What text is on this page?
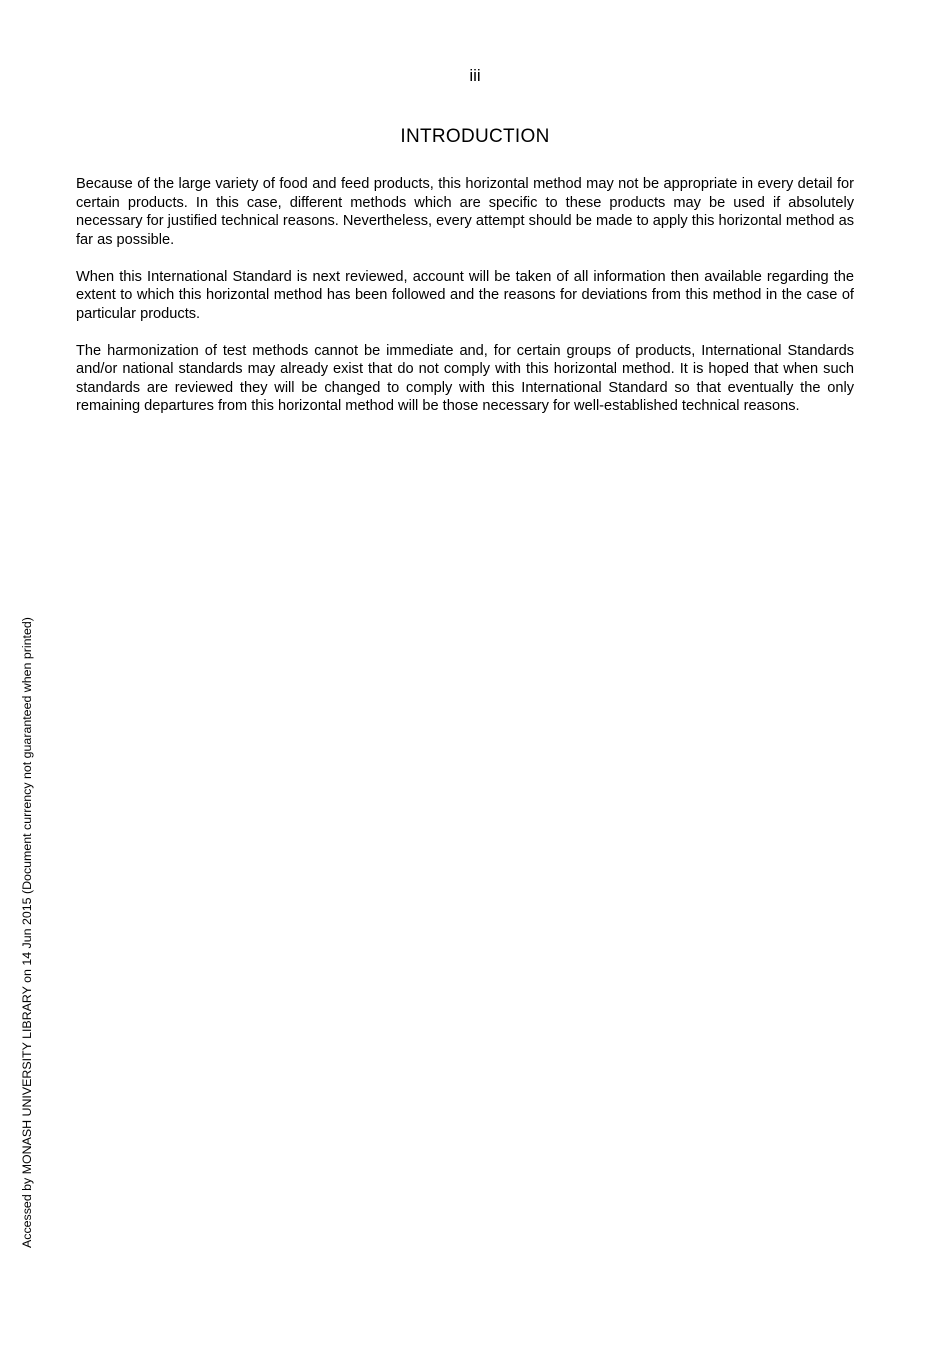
iii
INTRODUCTION

Because of the large variety of food and feed products, this horizontal method may not be appropriate in every detail for certain products. In this case, different methods which are specific to these products may be used if absolutely necessary for justified technical reasons. Nevertheless, every attempt should be made to apply this horizontal method as far as possible.

When this International Standard is next reviewed, account will be taken of all information then available regarding the extent to which this horizontal method has been followed and the reasons for deviations from this method in the case of particular products.

The harmonization of test methods cannot be immediate and, for certain groups of products, International Standards and/or national standards may already exist that do not comply with this horizontal method. It is hoped that when such standards are reviewed they will be changed to comply with this International Standard so that eventually the only remaining departures from this horizontal method will be those necessary for well-established technical reasons.

Accessed by MONASH UNIVERSITY LIBRARY on 14 Jun 2015 (Document currency not guaranteed when printed)
